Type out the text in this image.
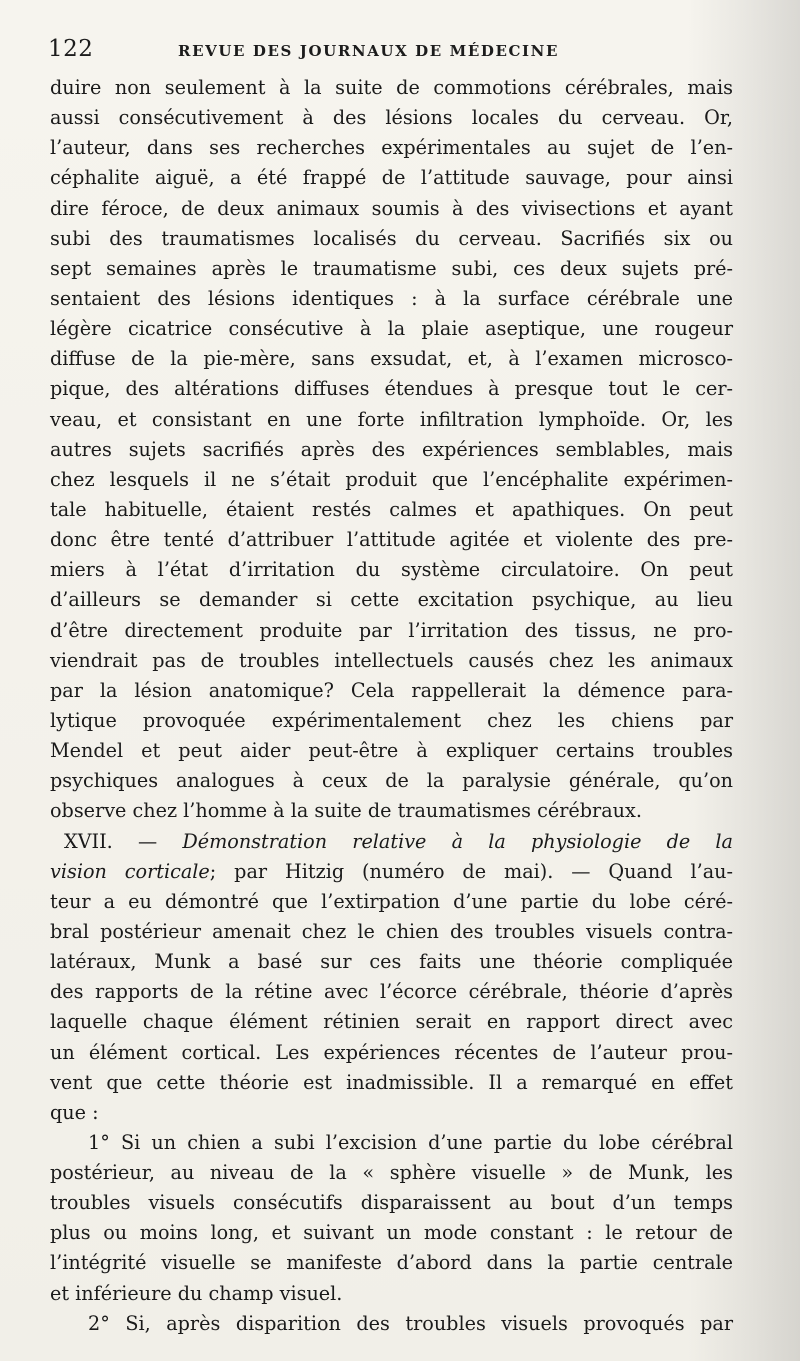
122	REVUE DES JOURNAUX DE MÉDECINE
duire non seulement à la suite de commotions cérébrales, mais
aussi consécutivement à des lésions locales du cerveau. Or,
l’auteur, dans ses recherches expérimentales au sujet de l’en-
céphalite aiguë, a été frappé de l’attitude sauvage, pour ainsi
dire féroce, de deux animaux soumis à des vivisections et ayant
subi des traumatismes localisés du cerveau. Sacrifiés six ou
sept semaines après le traumatisme subi, ces deux sujets pré-
sentaient des lésions identiques : à la surface cérébrale une
légère cicatrice consécutive à la plaie aseptique, une rougeur
diffuse de la pie-mère, sans exsudat, et, à l’examen microsco-
pique, des altérations diffuses étendues à presque tout le cer-
veau, et consistant en une forte infiltration lymphoïde. Or, les
autres sujets sacrifiés après des expériences semblables, mais
chez lesquels il ne s’était produit que l’encéphalite expérimen-
tale habituelle, étaient restés calmes et apathiques. On peut
donc être tenté d’attribuer l’attitude agitée et violente des pre-
miers à l’état d’irritation du système circulatoire. On peut
d’ailleurs se demander si cette excitation psychique, au lieu
d’être directement produite par l’irritation des tissus, ne pro-
viendrait pas de troubles intellectuels causés chez les animaux
par la lésion anatomique? Cela rappellerait la démence para-
lytique provoquée expérimentalement chez les chiens par
Mendel et peut aider peut-être à expliquer certains troubles
psychiques analogues à ceux de la paralysie générale, qu’on
observe chez l’homme à la suite de traumatismes cérébraux.
XVII. — Démonstration relative à la physiologie de la
vision corticale; par Hitzig (numéro de mai). — Quand l’au-
teur a eu démontré que l’extirpation d’une partie du lobe céré-
bral postérieur amenait chez le chien des troubles visuels contra-
latéraux, Munk a basé sur ces faits une théorie compliquée
des rapports de la rétine avec l’écorce cérébrale, théorie d’après
laquelle chaque élément rétinien serait en rapport direct avec
un élément cortical. Les expériences récentes de l’auteur prou-
vent que cette théorie est inadmissible. Il a remarqué en effet
que :
1° Si un chien a subi l’excision d’une partie du lobe cérébral
postérieur, au niveau de la « sphère visuelle » de Munk, les
troubles visuels consécutifs disparaissent au bout d’un temps
plus ou moins long, et suivant un mode constant : le retour de
l’intégrité visuelle se manifeste d’abord dans la partie centrale
et inférieure du champ visuel.
2° Si, après disparition des troubles visuels provoqués par
